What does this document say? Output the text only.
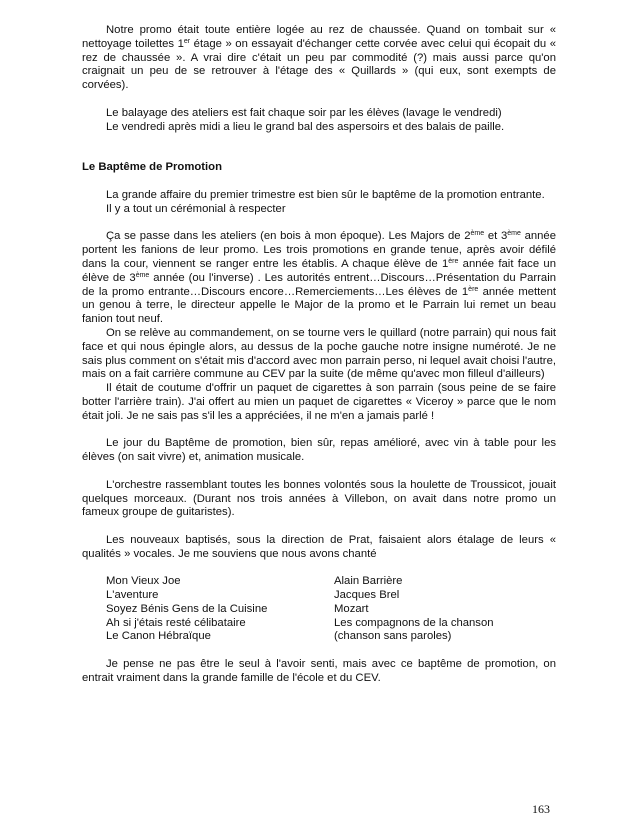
Notre promo était toute entière logée au rez de chaussée. Quand on tombait sur « nettoyage toilettes 1er étage » on essayait d'échanger cette corvée avec celui qui écopait du « rez de chaussée ». A vrai dire c'était un peu par commodité (?) mais aussi parce qu'on craignait un peu de se retrouver à l'étage des « Quillards » (qui eux, sont exempts de corvées).

Le balayage des ateliers est fait chaque soir par les élèves (lavage le vendredi)

Le vendredi après midi a lieu le grand bal des aspersoirs et des balais de paille.

Le Baptême de Promotion

La grande affaire du premier trimestre est bien sûr le baptême de la promotion entrante.

Il y a tout un cérémonial à respecter

Ça se passe dans les ateliers (en bois à mon époque). Les Majors de 2ème et 3ème année portent les fanions de leur promo. Les trois promotions en grande tenue, après avoir défilé dans la cour, viennent se ranger entre les établis. A chaque élève de 1ère année fait face un élève de 3ème année (ou l'inverse) . Les autorités entrent…Discours…Présentation du Parrain de la promo entrante…Discours encore…Remerciements…Les élèves de 1ère année mettent un genou à terre, le directeur appelle le Major de la promo et le Parrain lui remet un beau fanion tout neuf.

On se relève au commandement, on se tourne vers le quillard (notre parrain) qui nous fait face et qui nous épingle alors, au dessus de la poche gauche notre insigne numéroté. Je ne sais plus comment on s'était mis d'accord avec mon parrain perso, ni lequel avait choisi l'autre, mais on a fait carrière commune au CEV par la suite (de même qu'avec mon filleul d'ailleurs)

Il était de coutume d'offrir un paquet de cigarettes à son parrain (sous peine de se faire botter l'arrière train). J'ai offert au mien un paquet de cigarettes « Viceroy » parce que le nom était joli. Je ne sais pas s'il les a appréciées, il ne m'en a jamais parlé !

Le jour du Baptême de promotion, bien sûr, repas amélioré, avec vin à table pour les élèves (on sait vivre) et, animation musicale.

L'orchestre rassemblant toutes les bonnes volontés sous la houlette de Troussicot, jouait quelques morceaux. (Durant nos trois années à Villebon, on avait dans notre promo un fameux groupe de guitaristes).

Les nouveaux baptisés, sous la direction de Prat, faisaient alors étalage de leurs « qualités » vocales. Je me souviens que nous avons chanté

Mon Vieux Joe	Alain Barrière
L'aventure	Jacques Brel
Soyez Bénis Gens de la Cuisine	Mozart
Ah si j'étais resté célibataire	Les compagnons de la chanson
Le Canon Hébraïque	(chanson sans paroles)

Je pense ne pas être le seul à l'avoir senti, mais avec ce baptême de promotion, on entrait vraiment dans la grande famille de l'école et du CEV.

163
